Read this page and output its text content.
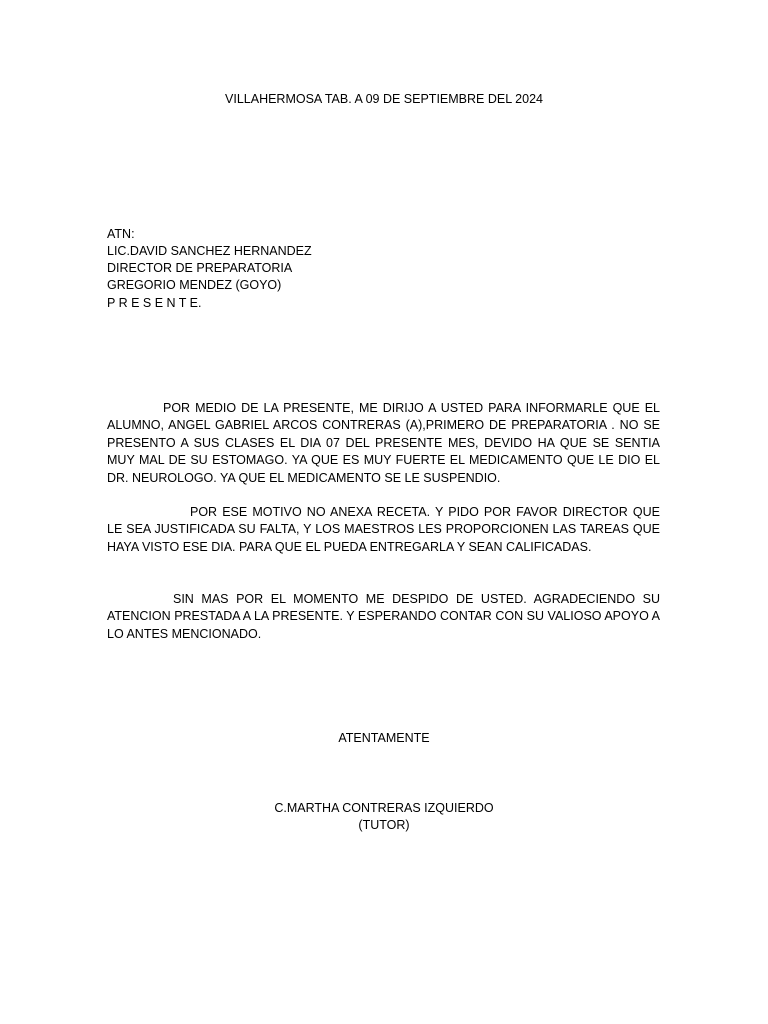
VILLAHERMOSA TAB. A 09 DE SEPTIEMBRE DEL 2024
ATN:
LIC.DAVID SANCHEZ HERNANDEZ
DIRECTOR DE PREPARATORIA
GREGORIO MENDEZ (GOYO)
P R E S E N T E.
POR MEDIO DE LA PRESENTE, ME DIRIJO A USTED PARA INFORMARLE QUE EL ALUMNO, ANGEL GABRIEL ARCOS CONTRERAS (A),PRIMERO DE PREPARATORIA . NO SE PRESENTO A SUS CLASES EL DIA 07 DEL PRESENTE MES, DEVIDO HA QUE SE SENTIA MUY MAL DE SU ESTOMAGO. YA QUE ES MUY FUERTE EL MEDICAMENTO QUE LE DIO EL DR. NEUROLOGO. YA QUE EL MEDICAMENTO SE LE SUSPENDIO.
POR ESE MOTIVO NO ANEXA RECETA. Y PIDO POR FAVOR DIRECTOR QUE LE SEA JUSTIFICADA SU FALTA, Y LOS MAESTROS LES PROPORCIONEN LAS TAREAS QUE HAYA VISTO ESE DIA. PARA QUE EL PUEDA ENTREGARLA Y SEAN CALIFICADAS.
SIN MAS POR EL MOMENTO ME DESPIDO DE USTED. AGRADECIENDO SU ATENCION PRESTADA A LA PRESENTE. Y ESPERANDO CONTAR CON SU VALIOSO APOYO A LO ANTES MENCIONADO.
ATENTAMENTE
C.MARTHA CONTRERAS IZQUIERDO
(TUTOR)
